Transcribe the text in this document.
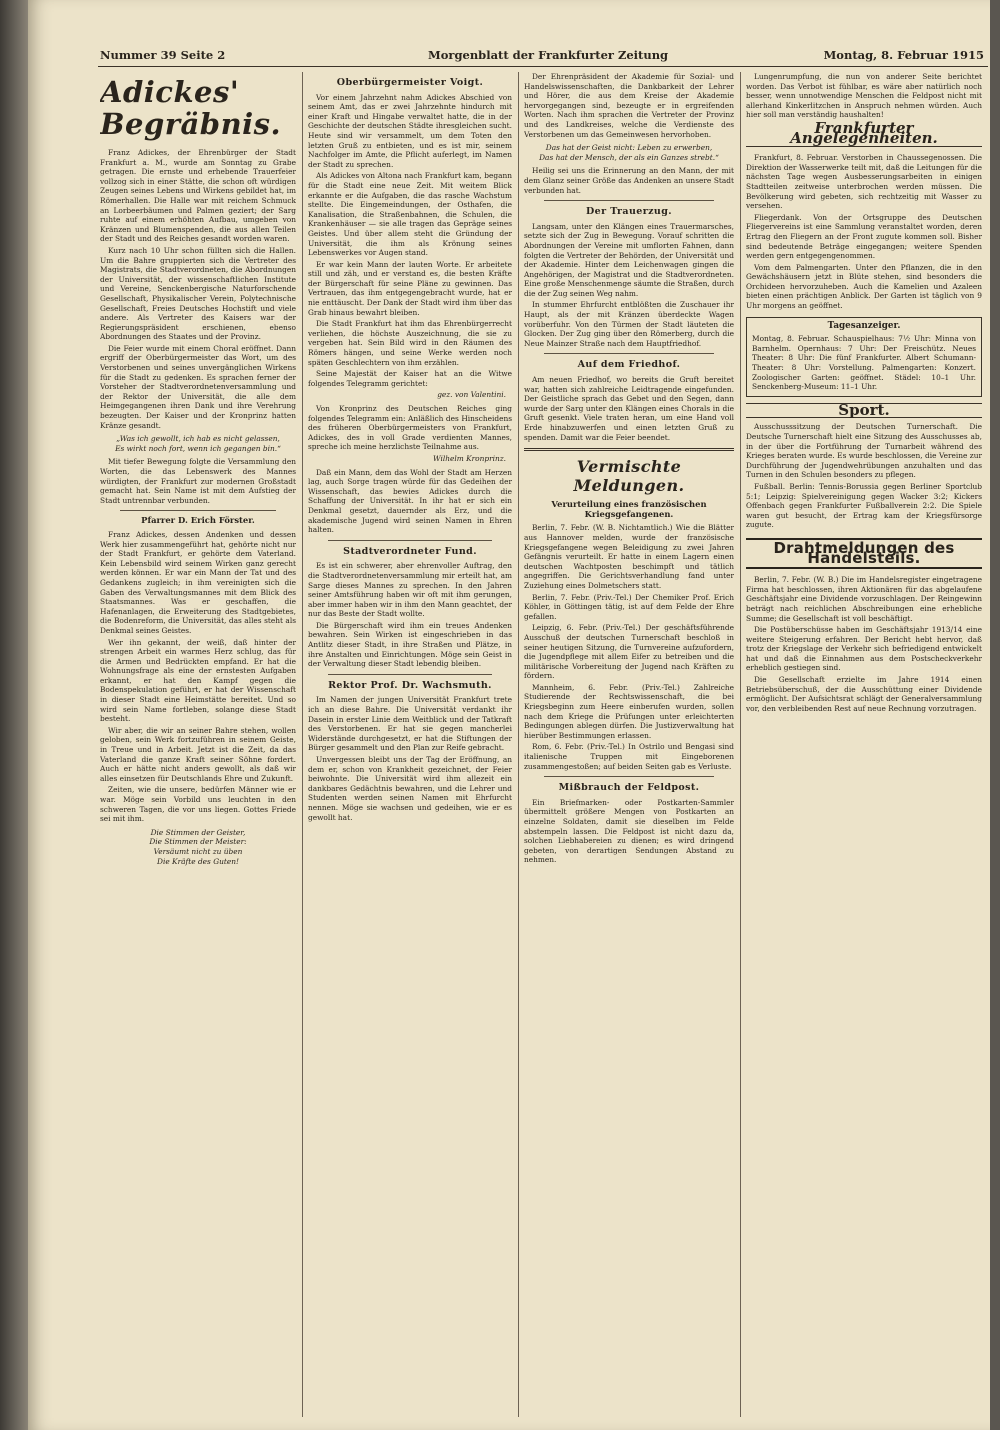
Nummer 39 Seite 2	Morgenblatt der Frankfurter Zeitung	Montag, 8. Februar 1915
Adickes' Begräbnis.

Franz Adickes, der Ehrenbürger der Stadt Frankfurt a. M., wurde am Sonntag zu Grabe getragen. Die ernste und erhebende Trauerfeier vollzog sich in einer Stätte, die schon oft würdigen Zeugen seines Lebens und Wirkens gebildet hat, im Römerhallen. Die Halle war mit reichem Schmuck an Lorbeerbäumen und Palmen geziert; der Sarg ruhte auf einem erhöhten Aufbau, umgeben von Kränzen und Blumenspenden, die aus allen Teilen der Stadt und des Reiches gesandt worden waren.

Kurz nach 10 Uhr schon füllten sich die Hallen. Um die Bahre gruppierten sich die Vertreter des Magistrats, die Stadtverordneten, die Abordnungen der Universität, der wissenschaftlichen Institute und Vereine, Senckenbergische Naturforschende Gesellschaft, Physikalischer Verein, Polytechnische Gesellschaft, Freies Deutsches Hochstift und viele andere. Als Vertreter des Kaisers war der Regierungspräsident erschienen, ebenso Abordnungen des Staates und der Provinz.

Die Feier wurde mit einem Choral eröffnet. Dann ergriff der Oberbürgermeister das Wort, um des Verstorbenen und seines unvergänglichen Wirkens für die Stadt zu gedenken. Es sprachen ferner der Vorsteher der Stadtverordnetenversammlung und der Rektor der Universität, die alle dem Heimgegangenen ihren Dank und ihre Verehrung bezeugten. Der Kaiser und der Kronprinz hatten Kränze gesandt.

„Was ich gewollt, ich hab es nicht gelassen,
Es wirkt noch fort, wenn ich gegangen bin.“

Mit tiefer Bewegung folgte die Versammlung den Worten, die das Lebenswerk des Mannes würdigten, der Frankfurt zur modernen Großstadt gemacht hat. Sein Name ist mit dem Aufstieg der Stadt untrennbar verbunden.

Pfarrer D. Erich Förster.

Franz Adickes, dessen Andenken und dessen Werk hier zusammengeführt hat, gehörte nicht nur der Stadt Frankfurt, er gehörte dem Vaterland. Kein Lebensbild wird seinem Wirken ganz gerecht werden können. Er war ein Mann der Tat und des Gedankens zugleich; in ihm vereinigten sich die Gaben des Verwaltungsmannes mit dem Blick des Staatsmannes. Was er geschaffen, die Hafenanlagen, die Erweiterung des Stadtgebietes, die Bodenreform, die Universität, das alles steht als Denkmal seines Geistes.

Wer ihn gekannt, der weiß, daß hinter der strengen Arbeit ein warmes Herz schlug, das für die Armen und Bedrückten empfand. Er hat die Wohnungsfrage als eine der ernstesten Aufgaben erkannt, er hat den Kampf gegen die Bodenspekulation geführt, er hat der Wissenschaft in dieser Stadt eine Heimstätte bereitet. Und so wird sein Name fortleben, solange diese Stadt besteht.

Wir aber, die wir an seiner Bahre stehen, wollen geloben, sein Werk fortzuführen in seinem Geiste, in Treue und in Arbeit. Jetzt ist die Zeit, da das Vaterland die ganze Kraft seiner Söhne fordert. Auch er hätte nicht anders gewollt, als daß wir alles einsetzen für Deutschlands Ehre und Zukunft.

Zeiten, wie die unsere, bedürfen Männer wie er war. Möge sein Vorbild uns leuchten in den schweren Tagen, die vor uns liegen. Gottes Friede sei mit ihm.

Die Stimmen der Geister,
Die Stimmen der Meister:
Versäumt nicht zu üben
Die Kräfte des Guten!
Oberbürgermeister Voigt.

Vor einem Jahrzehnt nahm Adickes Abschied von seinem Amt, das er zwei Jahrzehnte hindurch mit einer Kraft und Hingabe verwaltet hatte, die in der Geschichte der deutschen Städte ihresgleichen sucht. Heute sind wir versammelt, um dem Toten den letzten Gruß zu entbieten, und es ist mir, seinem Nachfolger im Amte, die Pflicht auferlegt, im Namen der Stadt zu sprechen.

Als Adickes von Altona nach Frankfurt kam, begann für die Stadt eine neue Zeit. Mit weitem Blick erkannte er die Aufgaben, die das rasche Wachstum stellte. Die Eingemeindungen, der Osthafen, die Kanalisation, die Straßenbahnen, die Schulen, die Krankenhäuser — sie alle tragen das Gepräge seines Geistes. Und über allem steht die Gründung der Universität, die ihm als Krönung seines Lebenswerkes vor Augen stand.

Er war kein Mann der lauten Worte. Er arbeitete still und zäh, und er verstand es, die besten Kräfte der Bürgerschaft für seine Pläne zu gewinnen. Das Vertrauen, das ihm entgegengebracht wurde, hat er nie enttäuscht. Der Dank der Stadt wird ihm über das Grab hinaus bewahrt bleiben.

Die Stadt Frankfurt hat ihm das Ehrenbürgerrecht verliehen, die höchste Auszeichnung, die sie zu vergeben hat. Sein Bild wird in den Räumen des Römers hängen, und seine Werke werden noch späten Geschlechtern von ihm erzählen.

Seine Majestät der Kaiser hat an die Witwe folgendes Telegramm gerichtet:

gez. von Valentini.

Von Kronprinz des Deutschen Reiches ging folgendes Telegramm ein: Anläßlich des Hinscheidens des früheren Oberbürgermeisters von Frankfurt, Adickes, des in voll Grade verdienten Mannes, spreche ich meine herzlichste Teilnahme aus.

Wilhelm Kronprinz.

Daß ein Mann, dem das Wohl der Stadt am Herzen lag, auch Sorge tragen würde für das Gedeihen der Wissenschaft, das bewies Adickes durch die Schaffung der Universität. In ihr hat er sich ein Denkmal gesetzt, dauernder als Erz, und die akademische Jugend wird seinen Namen in Ehren halten.

Stadtverordneter Fund.

Es ist ein schwerer, aber ehrenvoller Auftrag, den die Stadtverordnetenversammlung mir erteilt hat, am Sarge dieses Mannes zu sprechen. In den Jahren seiner Amtsführung haben wir oft mit ihm gerungen, aber immer haben wir in ihm den Mann geachtet, der nur das Beste der Stadt wollte.

Die Bürgerschaft wird ihm ein treues Andenken bewahren. Sein Wirken ist eingeschrieben in das Antlitz dieser Stadt, in ihre Straßen und Plätze, in ihre Anstalten und Einrichtungen. Möge sein Geist in der Verwaltung dieser Stadt lebendig bleiben.

Rektor Prof. Dr. Wachsmuth.

Im Namen der jungen Universität Frankfurt trete ich an diese Bahre. Die Universität verdankt ihr Dasein in erster Linie dem Weitblick und der Tatkraft des Verstorbenen. Er hat sie gegen mancherlei Widerstände durchgesetzt, er hat die Stiftungen der Bürger gesammelt und den Plan zur Reife gebracht.

Unvergessen bleibt uns der Tag der Eröffnung, an dem er, schon von Krankheit gezeichnet, der Feier beiwohnte. Die Universität wird ihm allezeit ein dankbares Gedächtnis bewahren, und die Lehrer und Studenten werden seinen Namen mit Ehrfurcht nennen. Möge sie wachsen und gedeihen, wie er es gewollt hat.

Der Ehrenpräsident der Akademie für Sozial- und Handelswissenschaften, die Dankbarkeit der Lehrer und Hörer, die aus dem Kreise der Akademie hervorgegangen sind, bezeugte er in ergreifenden Worten. Nach ihm sprachen die Vertreter der Provinz und des Landkreises, welche die Verdienste des Verstorbenen um das Gemeinwesen hervorhoben.

Das hat der Geist nicht: Leben zu erwerben,
Das hat der Mensch, der als ein Ganzes strebt.“

Heilig sei uns die Erinnerung an den Mann, der mit dem Glanz seiner Größe das Andenken an unsere Stadt verbunden hat.

Der Trauerzug.

Langsam, unter den Klängen eines Trauermarsches, setzte sich der Zug in Bewegung. Vorauf schritten die Abordnungen der Vereine mit umflorten Fahnen, dann folgten die Vertreter der Behörden, der Universität und der Akademie. Hinter dem Leichenwagen gingen die Angehörigen, der Magistrat und die Stadtverordneten. Eine große Menschenmenge säumte die Straßen, durch die der Zug seinen Weg nahm.

In stummer Ehrfurcht entblößten die Zuschauer ihr Haupt, als der mit Kränzen überdeckte Wagen vorüberfuhr. Von den Türmen der Stadt läuteten die Glocken. Der Zug ging über den Römerberg, durch die Neue Mainzer Straße nach dem Hauptfriedhof.

Auf dem Friedhof.

Am neuen Friedhof, wo bereits die Gruft bereitet war, hatten sich zahlreiche Leidtragende eingefunden. Der Geistliche sprach das Gebet und den Segen, dann wurde der Sarg unter den Klängen eines Chorals in die Gruft gesenkt. Viele traten heran, um eine Hand voll Erde hinabzuwerfen und einen letzten Gruß zu spenden. Damit war die Feier beendet.

Vermischte Meldungen.
Verurteilung eines französischen Kriegsgefangenen.

Berlin, 7. Febr. (W. B. Nichtamtlich.) Wie die Blätter aus Hannover melden, wurde der französische Kriegsgefangene wegen Beleidigung zu zwei Jahren Gefängnis verurteilt. Er hatte in einem Lagern einen deutschen Wachtposten beschimpft und tätlich angegriffen. Die Gerichtsverhandlung fand unter Zuziehung eines Dolmetschers statt.

Berlin, 7. Febr. (Priv.-Tel.) Der Chemiker Prof. Erich Köhler, in Göttingen tätig, ist auf dem Felde der Ehre gefallen.

Leipzig, 6. Febr. (Priv.-Tel.) Der geschäftsführende Ausschuß der deutschen Turnerschaft beschloß in seiner heutigen Sitzung, die Turnvereine aufzufordern, die Jugendpflege mit allem Eifer zu betreiben und die militärische Vorbereitung der Jugend nach Kräften zu fördern.

Mannheim, 6. Febr. (Priv.-Tel.) Zahlreiche Studierende der Rechtswissenschaft, die bei Kriegsbeginn zum Heere einberufen wurden, sollen nach dem Kriege die Prüfungen unter erleichterten Bedingungen ablegen dürfen. Die Justizverwaltung hat hierüber Bestimmungen erlassen.

Rom, 6. Febr. (Priv.-Tel.) In Ostrilo und Bengasi sind italienische Truppen mit Eingeborenen zusammengestoßen; auf beiden Seiten gab es Verluste.

Mißbrauch der Feldpost.

Ein Briefmarken- oder Postkarten-Sammler übermittelt größere Mengen von Postkarten an einzelne Soldaten, damit sie dieselben im Felde abstempeln lassen. Die Feldpost ist nicht dazu da, solchen Liebhabereien zu dienen; es wird dringend gebeten, von derartigen Sendungen Abstand zu nehmen.

Lungenrumpfung, die nun von anderer Seite berichtet worden. Das Verbot ist fühlbar, es wäre aber natürlich noch besser, wenn unnotwendige Menschen die Feldpost nicht mit allerhand Kinkerlitzchen in Anspruch nehmen würden. Auch hier soll man verständig haushalten!

Frankfurter Angelegenheiten.

Frankfurt, 8. Februar. Verstorben in Chaussegenossen. Die Direktion der Wasserwerke teilt mit, daß die Leitungen für die nächsten Tage wegen Ausbesserungsarbeiten in einigen Stadtteilen zeitweise unterbrochen werden müssen. Die Bevölkerung wird gebeten, sich rechtzeitig mit Wasser zu versehen.

Fliegerdank. Von der Ortsgruppe des Deutschen Fliegervereins ist eine Sammlung veranstaltet worden, deren Ertrag den Fliegern an der Front zugute kommen soll. Bisher sind bedeutende Beträge eingegangen; weitere Spenden werden gern entgegengenommen.

Vom dem Palmengarten. Unter den Pflanzen, die in den Gewächshäusern jetzt in Blüte stehen, sind besonders die Orchideen hervorzuheben. Auch die Kamelien und Azaleen bieten einen prächtigen Anblick. Der Garten ist täglich von 9 Uhr morgens an geöffnet.

Tagesanzeiger.
Montag, 8. Februar. Schauspielhaus: 7½ Uhr: Minna von Barnhelm. Opernhaus: 7 Uhr: Der Freischütz. Neues Theater: 8 Uhr: Die fünf Frankfurter. Albert Schumann-Theater: 8 Uhr: Vorstellung. Palmengarten: Konzert. Zoologischer Garten: geöffnet. Städel: 10–1 Uhr. Senckenberg-Museum: 11–1 Uhr.
Sport.

Ausschusssitzung der Deutschen Turnerschaft. Die Deutsche Turnerschaft hielt eine Sitzung des Ausschusses ab, in der über die Fortführung der Turnarbeit während des Krieges beraten wurde. Es wurde beschlossen, die Vereine zur Durchführung der Jugendwehrübungen anzuhalten und das Turnen in den Schulen besonders zu pflegen.

Fußball. Berlin: Tennis-Borussia gegen Berliner Sportclub 5:1; Leipzig: Spielvereinigung gegen Wacker 3:2; Kickers Offenbach gegen Frankfurter Fußballverein 2:2. Die Spiele waren gut besucht, der Ertrag kam der Kriegsfürsorge zugute.

Drahtmeldungen des Handelsteils.

Berlin, 7. Febr. (W. B.) Die im Handelsregister eingetragene Firma hat beschlossen, ihren Aktionären für das abgelaufene Geschäftsjahr eine Dividende vorzuschlagen. Der Reingewinn beträgt nach reichlichen Abschreibungen eine erhebliche Summe; die Gesellschaft ist voll beschäftigt.

Die Postüberschüsse haben im Geschäftsjahr 1913/14 eine weitere Steigerung erfahren. Der Bericht hebt hervor, daß trotz der Kriegslage der Verkehr sich befriedigend entwickelt hat und daß die Einnahmen aus dem Postscheckverkehr erheblich gestiegen sind.

Die Gesellschaft erzielte im Jahre 1914 einen Betriebsüberschuß, der die Ausschüttung einer Dividende ermöglicht. Der Aufsichtsrat schlägt der Generalversammlung vor, den verbleibenden Rest auf neue Rechnung vorzutragen.
